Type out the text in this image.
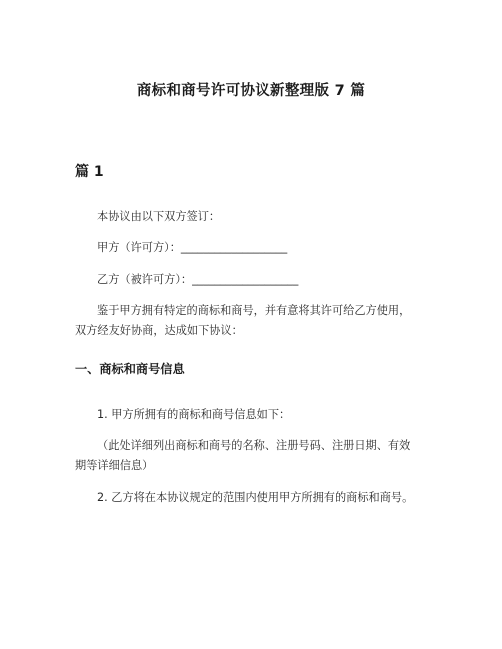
商标和商号许可协议新整理版 7 篇
篇 1
本协议由以下双方签订：
甲方（许可方）：___________________
乙方（被许可方）：___________________
鉴于甲方拥有特定的商标和商号，并有意将其许可给乙方使用，双方经友好协商，达成如下协议：
一、商标和商号信息
1. 甲方所拥有的商标和商号信息如下：
（此处详细列出商标和商号的名称、注册号码、注册日期、有效期等详细信息）
2. 乙方将在本协议规定的范围内使用甲方所拥有的商标和商号。
